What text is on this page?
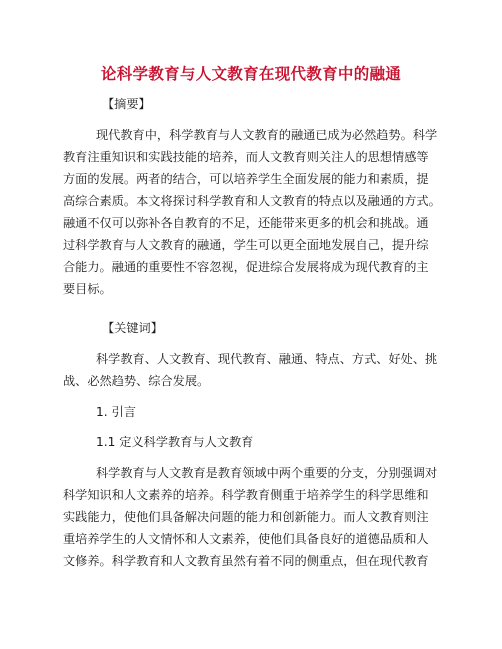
论科学教育与人文教育在现代教育中的融通
【摘要】
现代教育中，科学教育与人文教育的融通已成为必然趋势。科学
教育注重知识和实践技能的培养，而人文教育则关注人的思想情感等
方面的发展。两者的结合，可以培养学生全面发展的能力和素质，提
高综合素质。本文将探讨科学教育和人文教育的特点以及融通的方式。
融通不仅可以弥补各自教育的不足，还能带来更多的机会和挑战。通
过科学教育与人文教育的融通，学生可以更全面地发展自己，提升综
合能力。融通的重要性不容忽视，促进综合发展将成为现代教育的主
要目标。
【关键词】
科学教育、人文教育、现代教育、融通、特点、方式、好处、挑
战、必然趋势、综合发展。
1. 引言
1.1 定义科学教育与人文教育
科学教育与人文教育是教育领域中两个重要的分支，分别强调对
科学知识和人文素养的培养。科学教育侧重于培养学生的科学思维和
实践能力，使他们具备解决问题的能力和创新能力。而人文教育则注
重培养学生的人文情怀和人文素养，使他们具备良好的道德品质和人
文修养。科学教育和人文教育虽然有着不同的侧重点，但在现代教育
